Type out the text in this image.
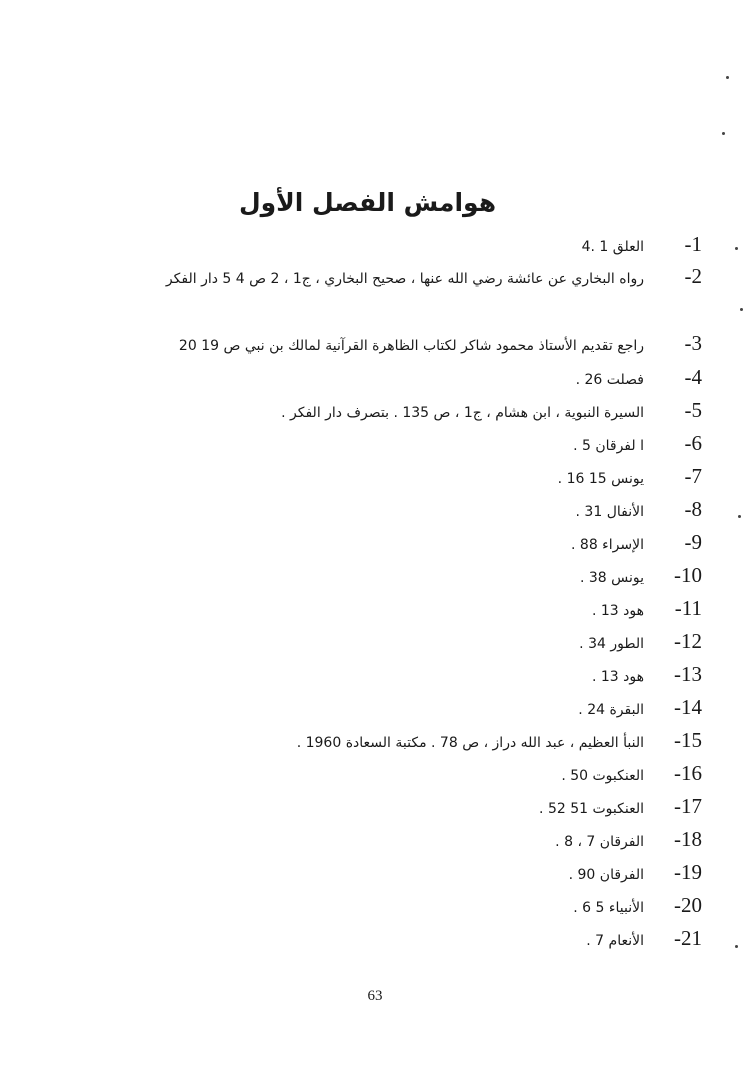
هوامش الفصل الأول
1-العلق 1 .4
2-رواه البخاري عن عائشة رضي الله عنها ، صحيح البخاري ، ج1 ، 2 ص 4 5 دار الفكر
3-راجع تقديم الأستاذ محمود شاكر لكتاب الظاهرة القرآنية لمالك بن نبي ص 19 20
4-فصلت 26 .
5-السيرة النبوية ، ابن هشام ، ج1 ، ص 135 . بتصرف دار الفكر .
6-ا لفرقان 5 .
7-يونس 15 16 .
8-الأنفال 31 .
9-الإسراء 88 .
10-يونس 38 .
11-هود 13 .
12-الطور 34 .
13-هود 13 .
14-البقرة 24 .
15-النبأ العظيم ، عبد الله دراز ، ص 78 . مكتبة السعادة 1960 .
16-العنكبوت 50 .
17-العنكبوت 51 52 .
18-الفرقان 7 ، 8 .
19-الفرقان 90 .
20-الأنبياء 5 6 .
21-الأنعام 7 .
63
